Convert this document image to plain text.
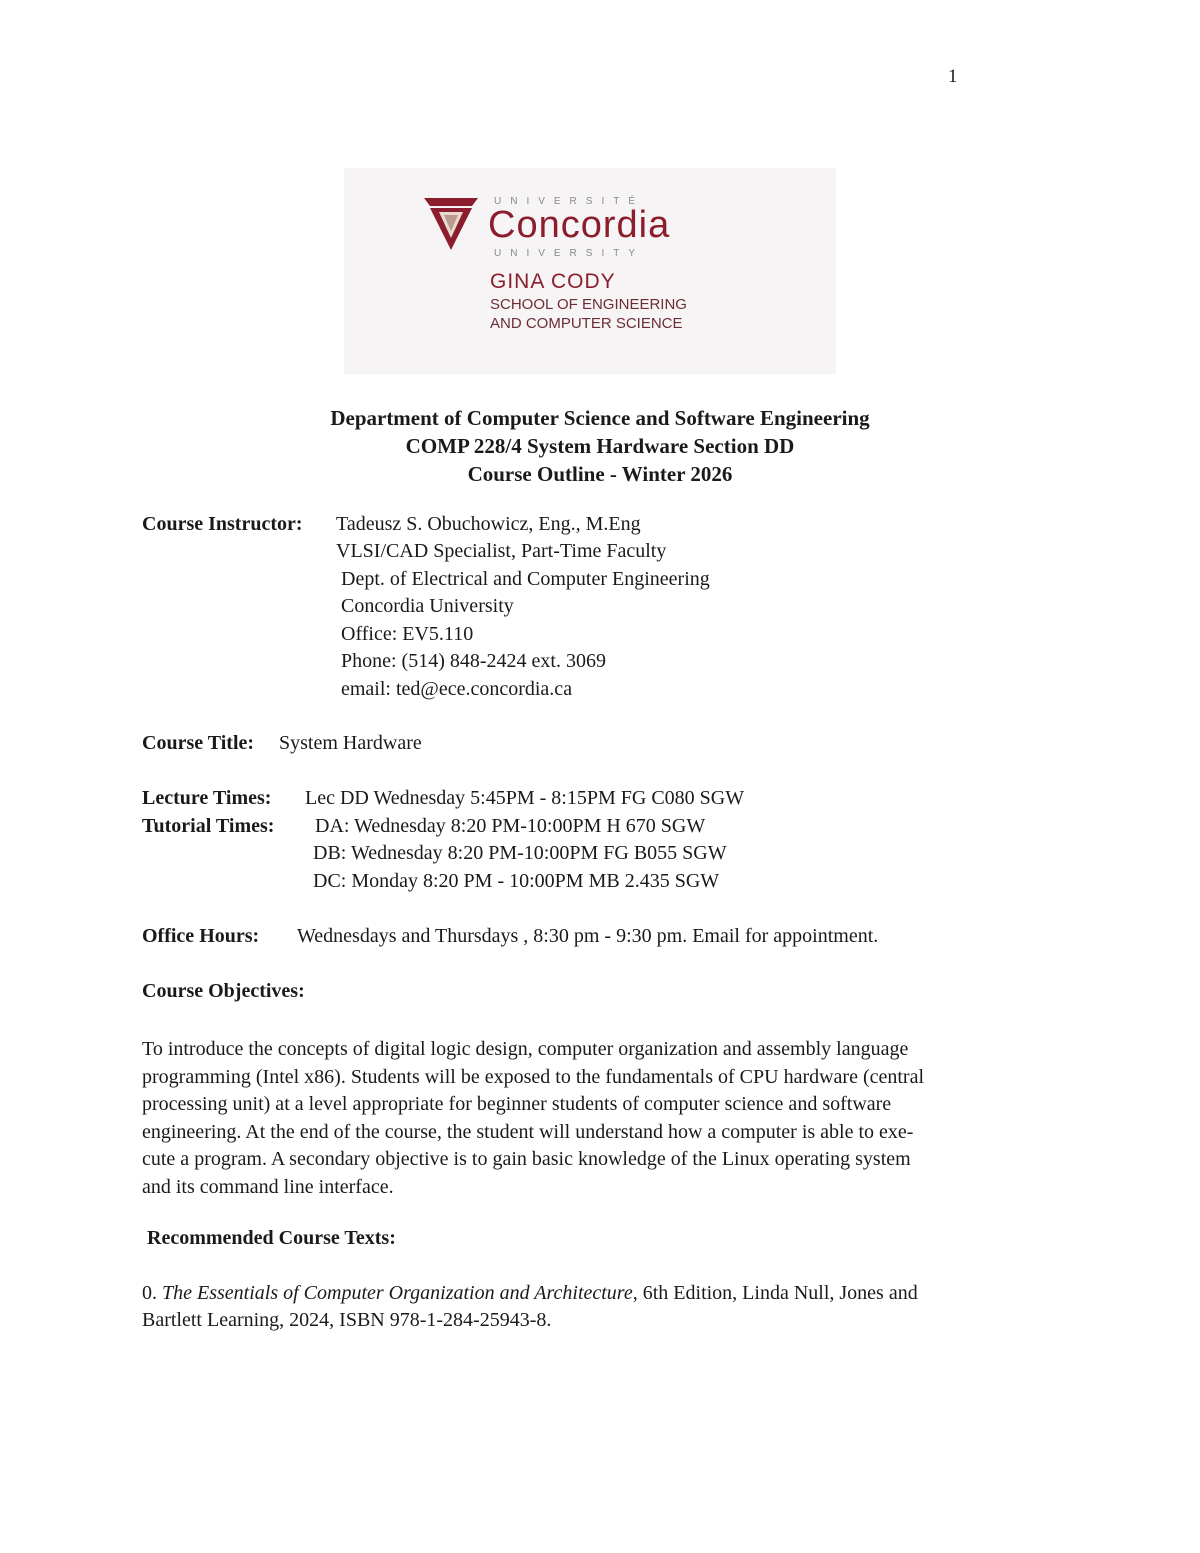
1
UNIVERSITÉ
Concordia
UNIVERSITY
GINA CODY
SCHOOL OF ENGINEERING
AND COMPUTER SCIENCE
Department of Computer Science and Software Engineering
COMP 228/4 System Hardware Section DD
Course Outline - Winter 2026
Course Instructor: Tadeusz S. Obuchowicz, Eng., M.Eng
VLSI/CAD Specialist, Part-Time Faculty
Dept. of Electrical and Computer Engineering
Concordia University
Office: EV5.110
Phone: (514) 848-2424 ext. 3069
email: ted@ece.concordia.ca
Course Title: System Hardware
Lecture Times: Lec DD Wednesday 5:45PM - 8:15PM FG C080 SGW
Tutorial Times: DA: Wednesday 8:20 PM-10:00PM H 670 SGW
DB: Wednesday 8:20 PM-10:00PM FG B055 SGW
DC: Monday 8:20 PM - 10:00PM MB 2.435 SGW
Office Hours: Wednesdays and Thursdays , 8:30 pm - 9:30 pm. Email for appointment.
Course Objectives:
To introduce the concepts of digital logic design, computer organization and assembly language
programming (Intel x86). Students will be exposed to the fundamentals of CPU hardware (central
processing unit) at a level appropriate for beginner students of computer science and software
engineering. At the end of the course, the student will understand how a computer is able to exe-
cute a program. A secondary objective is to gain basic knowledge of the Linux operating system
and its command line interface.
Recommended Course Texts:
0. The Essentials of Computer Organization and Architecture, 6th Edition, Linda Null, Jones and
Bartlett Learning, 2024, ISBN 978-1-284-25943-8.
